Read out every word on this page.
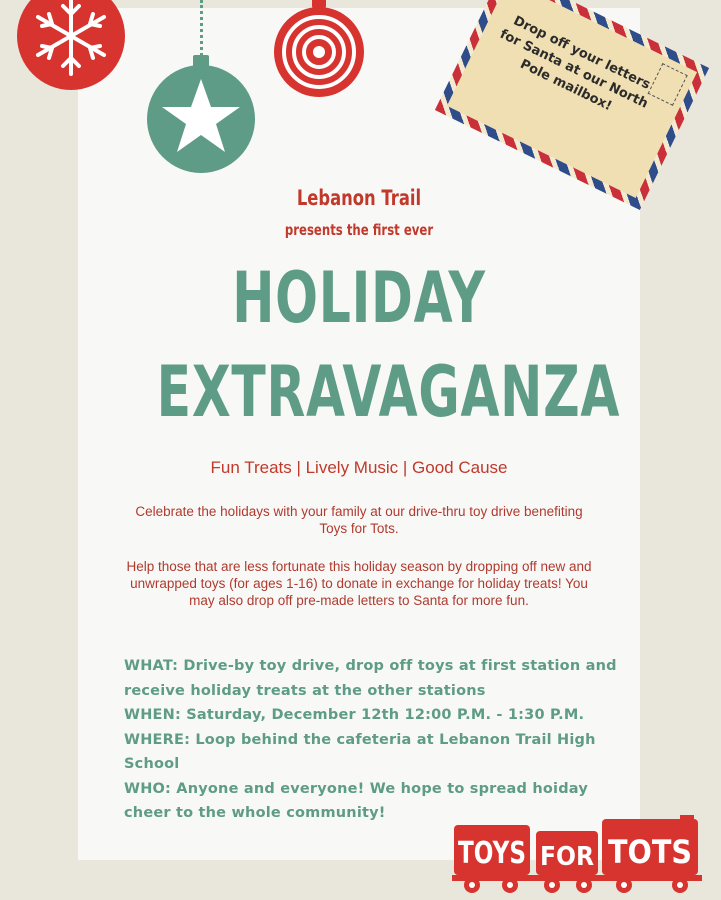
Drop off your letters for Santa at our North Pole mailbox!
Lebanon Trail
presents the first ever
HOLIDAY
EXTRAVAGANZA
Fun Treats | Lively Music | Good Cause
Celebrate the holidays with your family at our drive-thru toy drive benefiting Toys for Tots.
Help those that are less fortunate this holiday season by dropping off new and unwrapped toys (for ages 1-16) to donate in exchange for holiday treats! You may also drop off pre-made letters to Santa for more fun.
WHAT: Drive-by toy drive, drop off toys at first station and receive holiday treats at the other stations
WHEN: Saturday, December 12th 12:00 P.M. - 1:30 P.M.
WHERE: Loop behind the cafeteria at Lebanon Trail High School
WHO: Anyone and everyone! We hope to spread hoiday cheer to the whole community!
TOYS FOR TOTS
